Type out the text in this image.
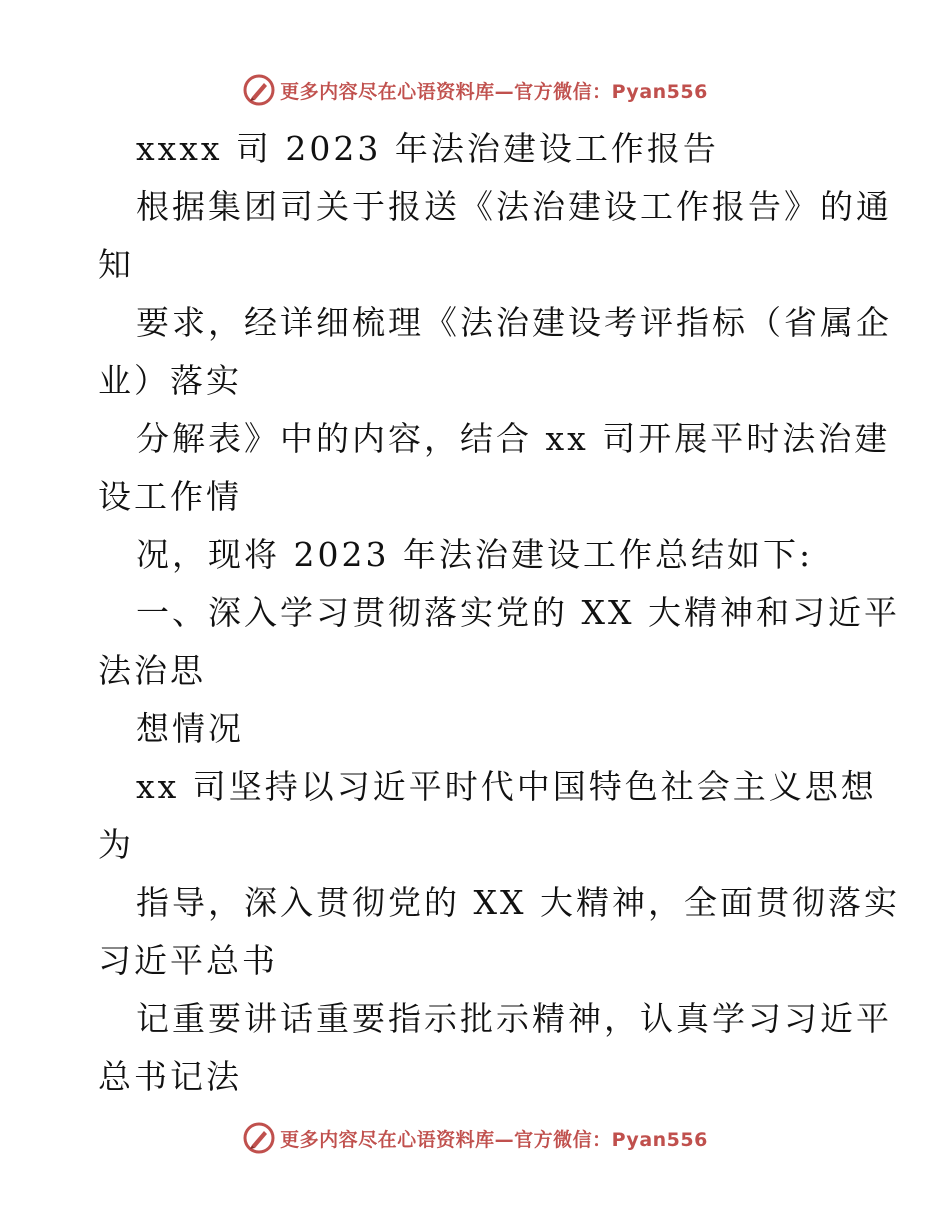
更多内容尽在心语资料库—官方微信：Pyan556
xxxx 司 2023 年法治建设工作报告
根据集团司关于报送《法治建设工作报告》的通
知
要求，经详细梳理《法治建设考评指标（省属企
业）落实
分解表》中的内容，结合 xx 司开展平时法治建
设工作情
况，现将 2023 年法治建设工作总结如下:
一、深入学习贯彻落实党的 XX 大精神和习近平
法治思
想情况
xx 司坚持以习近平时代中国特色社会主义思想
为
指导，深入贯彻党的 XX 大精神，全面贯彻落实
习近平总书
记重要讲话重要指示批示精神，认真学习习近平
总书记法
更多内容尽在心语资料库—官方微信：Pyan556
